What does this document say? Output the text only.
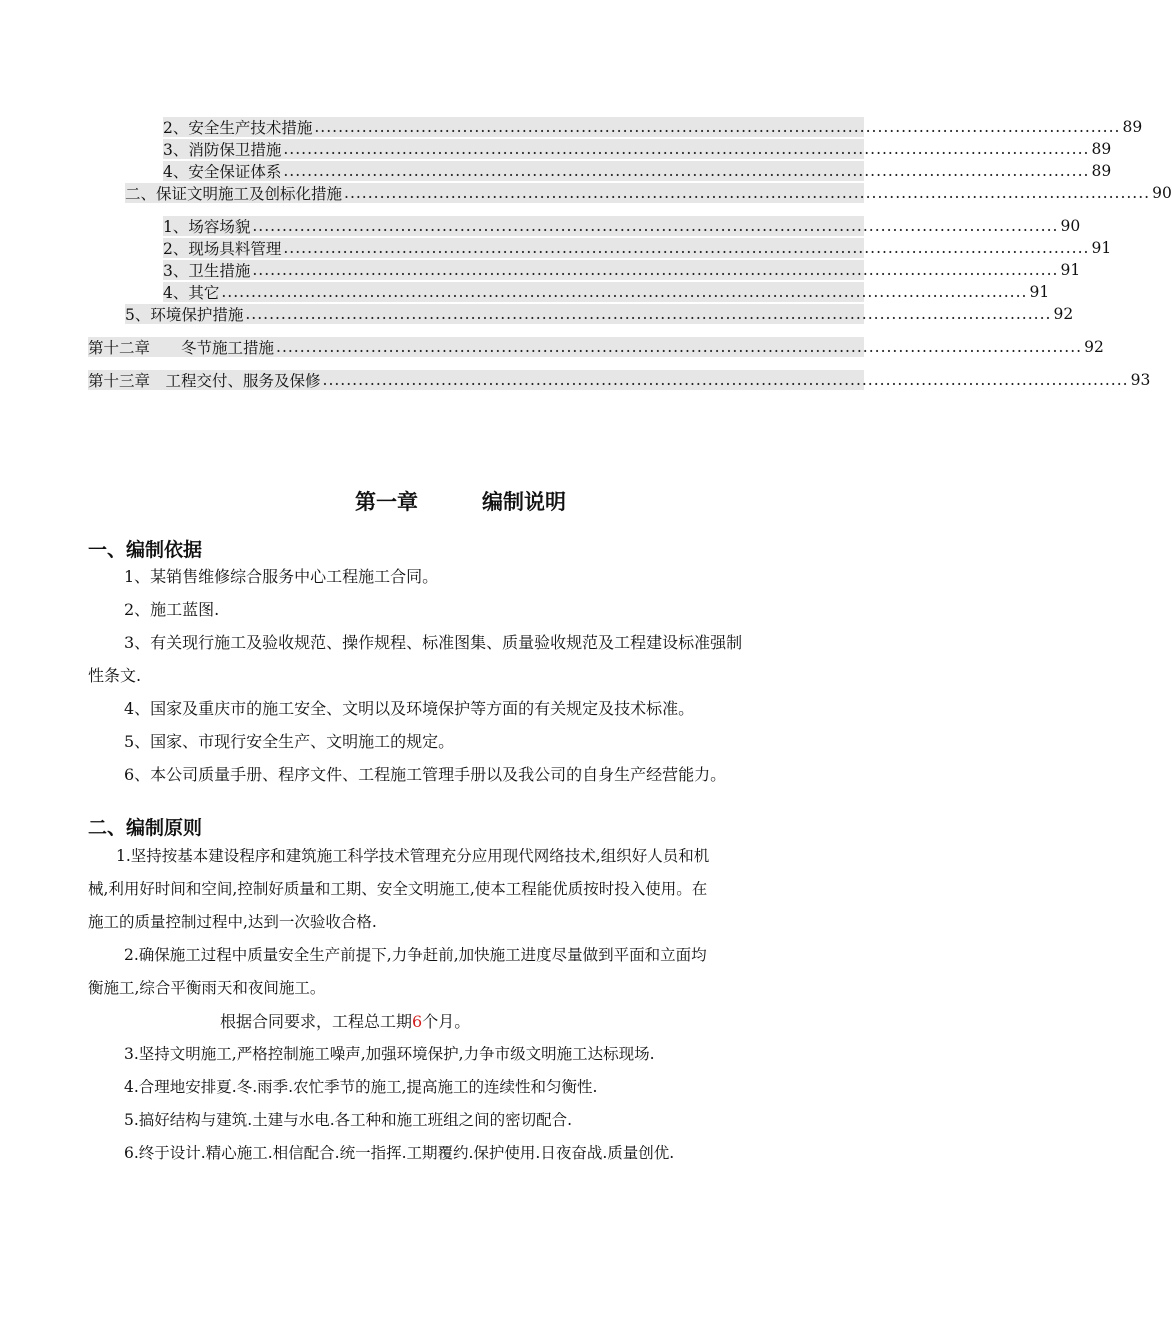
2、安全生产技术措施 ........................................................................................................................................ 89
3、消防保卫措施 ........................................................................................................................................ 89
4、安全保证体系 ........................................................................................................................................ 89
二、保证文明施工及创标化措施 ........................................................................................................................................ 90
1、场容场貌 ........................................................................................................................................ 90
2、现场具料管理 ........................................................................................................................................ 91
3、卫生措施 ........................................................................................................................................ 91
4、其它 ........................................................................................................................................ 91
5、环境保护措施 ........................................................................................................................................ 92
第十二章　　冬节施工措施 ........................................................................................................................................ 92
第十三章　工程交付、服务及保修 ........................................................................................................................................ 93
第一章	编制说明
一、编制依据
1、某销售维修综合服务中心工程施工合同。
2、施工蓝图.
3、有关现行施工及验收规范、操作规程、标准图集、质量验收规范及工程建设标准强制
性条文.
4、国家及重庆市的施工安全、文明以及环境保护等方面的有关规定及技术标准。
5、国家、市现行安全生产、文明施工的规定。
6、本公司质量手册、程序文件、工程施工管理手册以及我公司的自身生产经营能力。
二、编制原则
1.坚持按基本建设程序和建筑施工科学技术管理充分应用现代网络技术,组织好人员和机
械,利用好时间和空间,控制好质量和工期、安全文明施工,使本工程能优质按时投入使用。在
施工的质量控制过程中,达到一次验收合格.
2.确保施工过程中质量安全生产前提下,力争赶前,加快施工进度尽量做到平面和立面均
衡施工,综合平衡雨天和夜间施工。
根据合同要求，工程总工期6个月。
3.坚持文明施工,严格控制施工噪声,加强环境保护,力争市级文明施工达标现场.
4.合理地安排夏.冬.雨季.农忙季节的施工,提高施工的连续性和匀衡性.
5.搞好结构与建筑.土建与水电.各工种和施工班组之间的密切配合.
6.终于设计.精心施工.相信配合.统一指挥.工期覆约.保护使用.日夜奋战.质量创优.
